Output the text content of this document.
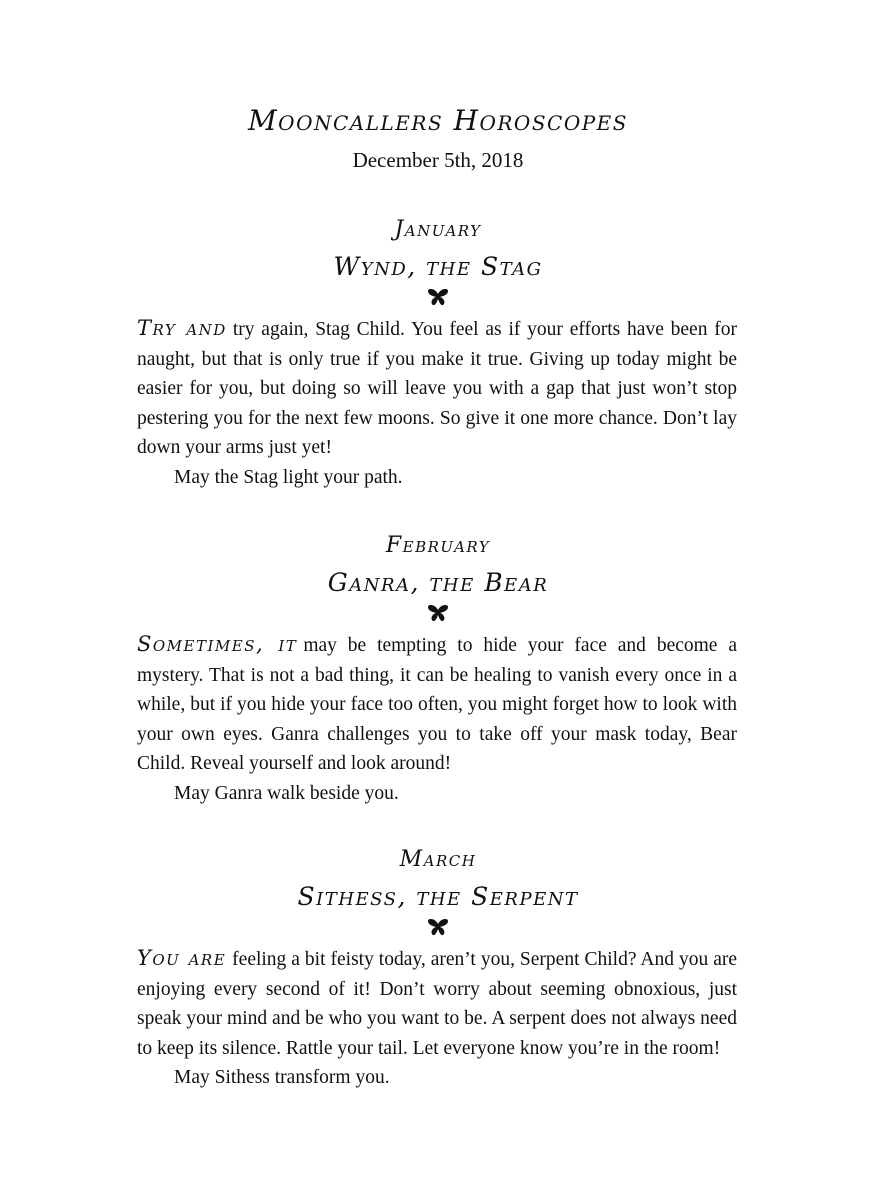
Mooncallers Horoscopes
December 5th, 2018
January
Wynd, the Stag

Try and try again, Stag Child. You feel as if your efforts have been for naught, but that is only true if you make it true. Giving up today might be easier for you, but doing so will leave you with a gap that just won’t stop pestering you for the next few moons. So give it one more chance. Don’t lay down your arms just yet!

May the Stag light your path.

February
Ganra, the Bear

Sometimes, it may be tempting to hide your face and become a mystery. That is not a bad thing, it can be healing to vanish every once in a while, but if you hide your face too often, you might forget how to look with your own eyes. Ganra challenges you to take off your mask today, Bear Child. Reveal yourself and look around!

May Ganra walk beside you.

March
Sithess, the Serpent

You are feeling a bit feisty today, aren’t you, Serpent Child? And you are enjoying every second of it! Don’t worry about seeming obnoxious, just speak your mind and be who you want to be. A serpent does not always need to keep its silence. Rattle your tail. Let everyone know you’re in the room!

May Sithess transform you.
